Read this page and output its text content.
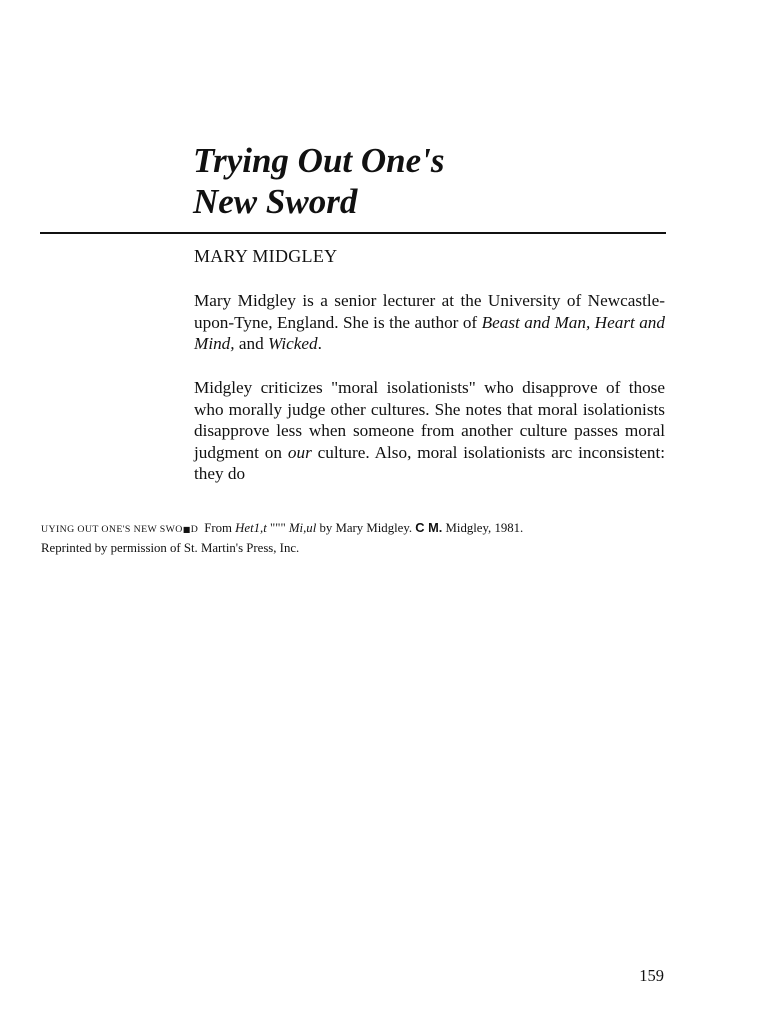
Trying Out One's
New Sword
MARY MIDGLEY

Mary Midgley is a senior lecturer at the University of Newcastle-upon-Tyne, England. She is the author of Beast and Man, Heart and Mind, and Wicked.

Midgley criticizes "moral isolationists" who disapprove of those who morally judge other cultures. She notes that moral isolationists disapprove less when someone from another culture passes moral judgment on our culture. Also, moral isolationists arc inconsistent: they do

UYING OUT ONE'S NEW SWO■D From Het1,t """ Mi,ul by Mary Midgley. C M. Midgley, 1981.
Reprinted by permission of St. Martin's Press, Inc.

159
